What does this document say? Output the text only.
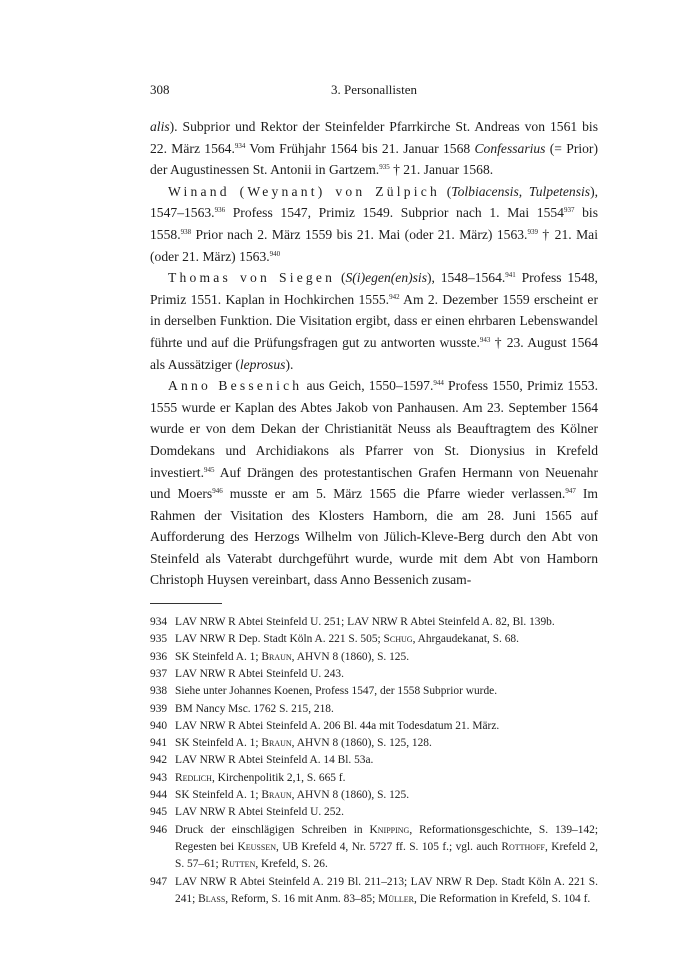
308	3. Personallisten

alis). Subprior und Rektor der Steinfelder Pfarrkirche St. Andreas von 1561 bis 22. März 1564.$^{934}$ Vom Frühjahr 1564 bis 21. Januar 1568 Confessarius (= Prior) der Augustinessen St. Antonii in Gartzem.$^{935}$ † 21. Januar 1568.

Winand (Weynant) von Zülpich (Tolbiacensis, Tulpetensis), 1547–1563.$^{936}$ Profess 1547, Primiz 1549. Subprior nach 1. Mai 1554$^{937}$ bis 1558.$^{938}$ Prior nach 2. März 1559 bis 21. Mai (oder 21. März) 1563.$^{939}$ † 21. Mai (oder 21. März) 1563.$^{940}$

Thomas von Siegen (S(i)egen(en)sis), 1548–1564.$^{941}$ Profess 1548, Primiz 1551. Kaplan in Hochkirchen 1555.$^{942}$ Am 2. Dezember 1559 erscheint er in derselben Funktion. Die Visitation ergibt, dass er einen ehrbaren Lebenswandel führte und auf die Prüfungsfragen gut zu antworten wusste.$^{943}$ † 23. August 1564 als Aussätziger (leprosus).

Anno Bessenich aus Geich, 1550–1597.$^{944}$ Profess 1550, Primiz 1553. 1555 wurde er Kaplan des Abtes Jakob von Panhausen. Am 23. September 1564 wurde er von dem Dekan der Christianität Neuss als Beauftragtem des Kölner Domdekans und Archidiakons als Pfarrer von St. Dionysius in Krefeld investiert.$^{945}$ Auf Drängen des protestantischen Grafen Hermann von Neuenahr und Moers$^{946}$ musste er am 5. März 1565 die Pfarre wieder verlassen.$^{947}$ Im Rahmen der Visitation des Klosters Hamborn, die am 28. Juni 1565 auf Aufforderung des Herzogs Wilhelm von Jülich-Kleve-Berg durch den Abt von Steinfeld als Vaterabt durchgeführt wurde, wurde mit dem Abt von Hamborn Christoph Huysen vereinbart, dass Anno Bessenich zusam-

934 LAV NRW R Abtei Steinfeld U. 251; LAV NRW R Abtei Steinfeld A. 82, Bl. 139b.
935 LAV NRW R Dep. Stadt Köln A. 221 S. 505; Schug, Ahrgaudekanat, S. 68.
936 SK Steinfeld A. 1; Braun, AHVN 8 (1860), S. 125.
937 LAV NRW R Abtei Steinfeld U. 243.
938 Siehe unter Johannes Koenen, Profess 1547, der 1558 Subprior wurde.
939 BM Nancy Msc. 1762 S. 215, 218.
940 LAV NRW R Abtei Steinfeld A. 206 Bl. 44a mit Todesdatum 21. März.
941 SK Steinfeld A. 1; Braun, AHVN 8 (1860), S. 125, 128.
942 LAV NRW R Abtei Steinfeld A. 14 Bl. 53a.
943 Redlich, Kirchenpolitik 2,1, S. 665 f.
944 SK Steinfeld A. 1; Braun, AHVN 8 (1860), S. 125.
945 LAV NRW R Abtei Steinfeld U. 252.
946 Druck der einschlägigen Schreiben in Knipping, Reformationsgeschichte, S. 139–142; Regesten bei Keussen, UB Krefeld 4, Nr. 5727 ff. S. 105 f.; vgl. auch Rotthoff, Krefeld 2, S. 57–61; Rutten, Krefeld, S. 26.
947 LAV NRW R Abtei Steinfeld A. 219 Bl. 211–213; LAV NRW R Dep. Stadt Köln A. 221 S. 241; Blass, Reform, S. 16 mit Anm. 83–85; Müller, Die Reformation in Krefeld, S. 104 f.
